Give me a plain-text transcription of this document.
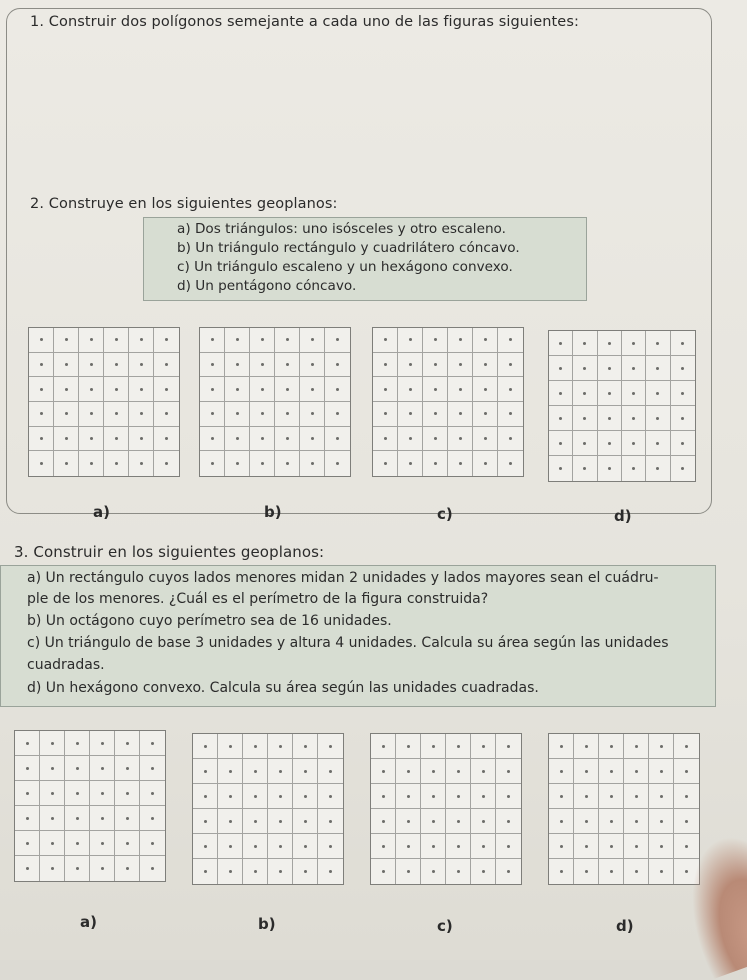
1. Construir dos polígonos semejante a cada uno de las figuras siguientes:
2. Construye en los siguientes geoplanos:
a) Dos triángulos: uno isósceles y otro escaleno.
b) Un triángulo rectángulo y cuadrilátero cóncavo.
c) Un triángulo escaleno y un hexágono convexo.
d) Un pentágono cóncavo.
a)	b)	c)	d)
3. Construir en los siguientes geoplanos:
a) Un rectángulo cuyos lados menores midan 2 unidades y lados mayores sean el cuádru-
ple de los menores. ¿Cuál es el perímetro de la figura construida?
b) Un octágono cuyo perímetro sea de 16 unidades.
c) Un triángulo de base 3 unidades y altura 4 unidades. Calcula su área según las unidades
cuadradas.
d) Un hexágono convexo. Calcula su área según las unidades cuadradas.
a)	b)	c)	d)
